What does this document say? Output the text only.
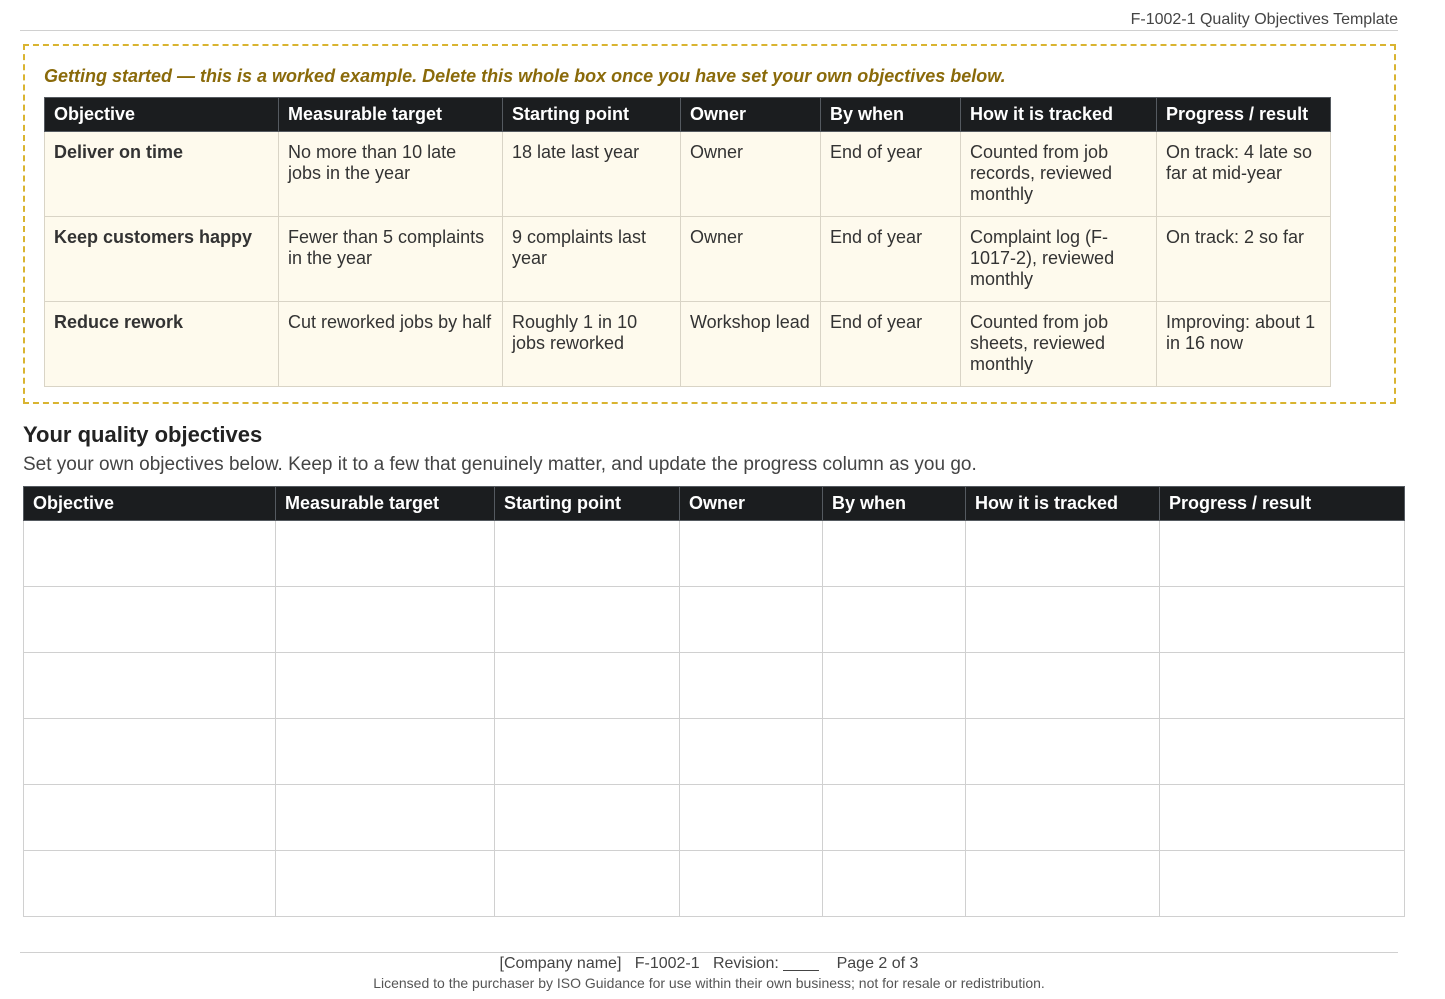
F-1002-1 Quality Objectives Template
Getting started — this is a worked example. Delete this whole box once you have set your own objectives below.
Objective	Measurable target	Starting point	Owner	By when	How it is tracked	Progress / result
Deliver on time	No more than 10 late jobs in the year	18 late last year	Owner	End of year	Counted from job records, reviewed monthly	On track: 4 late so far at mid-year
Keep customers happy	Fewer than 5 complaints in the year	9 complaints last year	Owner	End of year	Complaint log (F-1017-2), reviewed monthly	On track: 2 so far
Reduce rework	Cut reworked jobs by half	Roughly 1 in 10 jobs reworked	Workshop lead	End of year	Counted from job sheets, reviewed monthly	Improving: about 1 in 16 now
Your quality objectives
Set your own objectives below. Keep it to a few that genuinely matter, and update the progress column as you go.
Objective	Measurable target	Starting point	Owner	By when	How it is tracked	Progress / result

[Company name]   F-1002-1   Revision: ____    Page 2 of 3
Licensed to the purchaser by ISO Guidance for use within their own business; not for resale or redistribution.
